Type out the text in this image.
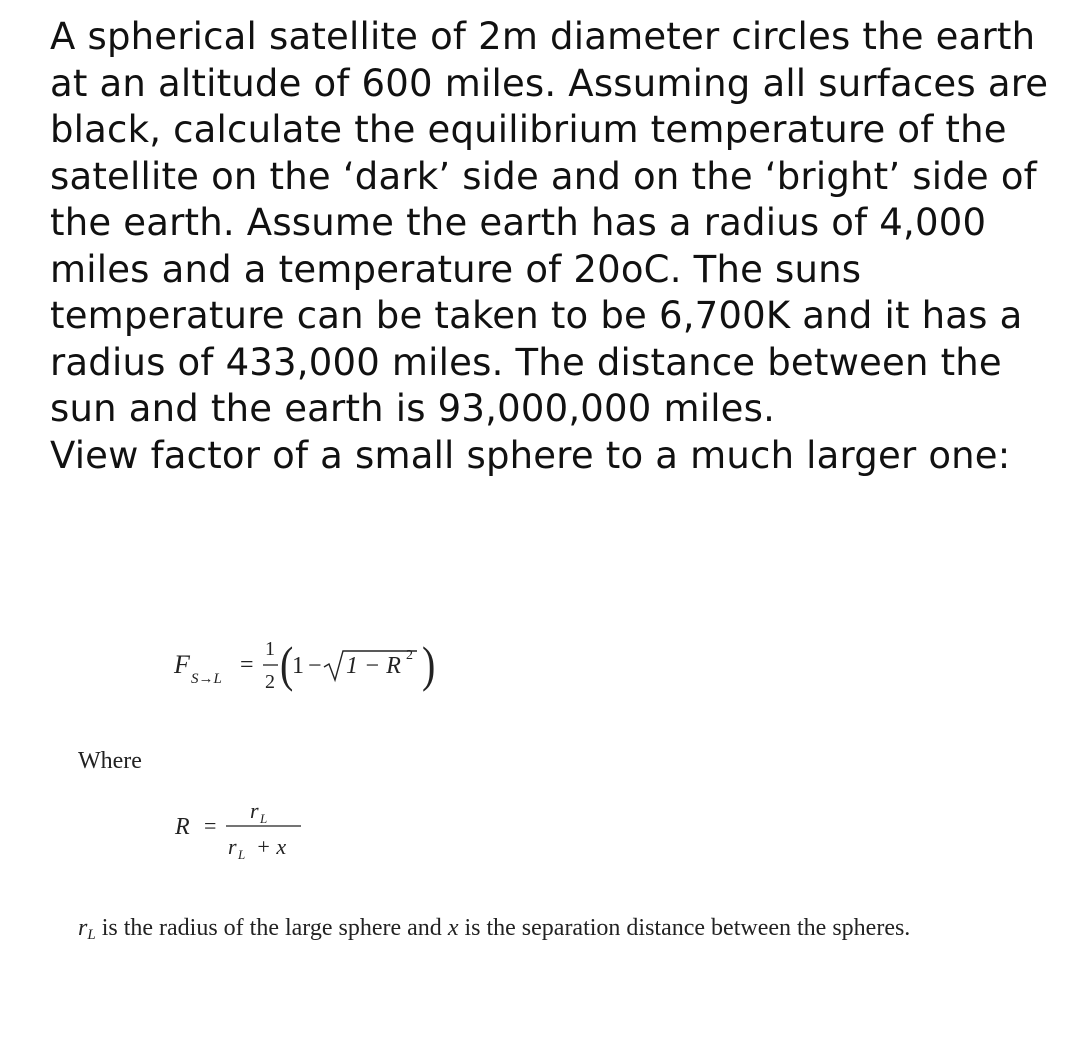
A spherical satellite of 2m diameter circles the earth at an altitude of 600 miles. Assuming all surfaces are black, calculate the equilibrium temperature of the satellite on the ‘dark’ side and on the ‘bright’ side of the earth. Assume the earth has a radius of 4,000 miles and a temperature of 20oC. The suns temperature can be taken to be 6,700K and it has a radius of 433,000 miles. The distance between the sun and the earth is 93,000,000 miles.

View factor of a small sphere to a much larger one:

F S→L
=
1
2 (
1 − 1 − R 2 )
Where
R =
r L
r L + x
$r_L$ is the radius of the large sphere and x is the separation distance between the spheres.
